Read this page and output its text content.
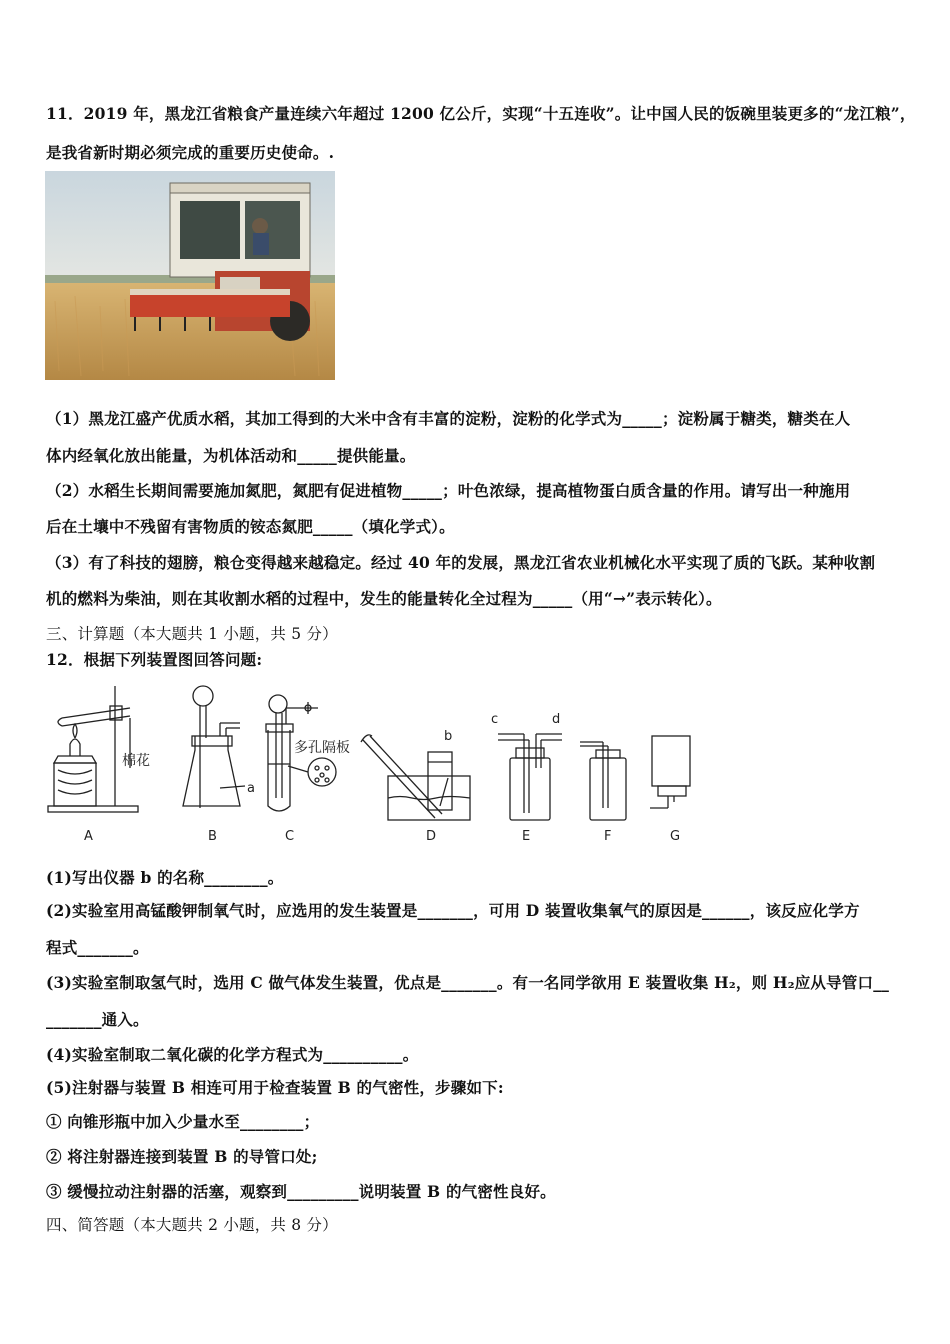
11．2019 年，黑龙江省粮食产量连续六年超过 1200 亿公斤，实现“十五连收”。让中国人民的饭碗里装更多的“龙江粮”，
是我省新时期必须完成的重要历史使命。.
（1）黑龙江盛产优质水稻，其加工得到的大米中含有丰富的淀粉，淀粉的化学式为_____；淀粉属于糖类，糖类在人
体内经氧化放出能量，为机体活动和_____提供能量。
（2）水稻生长期间需要施加氮肥，氮肥有促进植物_____；叶色浓绿，提高植物蛋白质含量的作用。请写出一种施用
后在土壤中不残留有害物质的铵态氮肥_____（填化学式）。
（3）有了科技的翅膀，粮仓变得越来越稳定。经过 40 年的发展，黑龙江省农业机械化水平实现了质的飞跃。某种收割
机的燃料为柴油，则在其收割水稻的过程中，发生的能量转化全过程为_____（用“→”表示转化）。
三、计算题（本大题共 1 小题，共 5 分）
12．根据下列装置图回答问题:
棉花
多孔隔板
a
b
c	d
A	B	C	D	E	F	G
(1)写出仪器 b 的名称________。
(2)实验室用高锰酸钾制氧气时，应选用的发生装置是_______，可用 D 装置收集氧气的原因是______，该反应化学方
程式_______。
(3)实验室制取氢气时，选用 C 做气体发生装置，优点是_______。有一名同学欲用 E 装置收集 H₂，则 H₂应从导管口__
_______通入。
(4)实验室制取二氧化碳的化学方程式为__________。
(5)注射器与装置 B 相连可用于检查装置 B 的气密性，步骤如下:
① 向锥形瓶中加入少量水至________；
② 将注射器连接到装置 B 的导管口处;
③ 缓慢拉动注射器的活塞，观察到_________说明装置 B 的气密性良好。
四、简答题（本大题共 2 小题，共 8 分）
